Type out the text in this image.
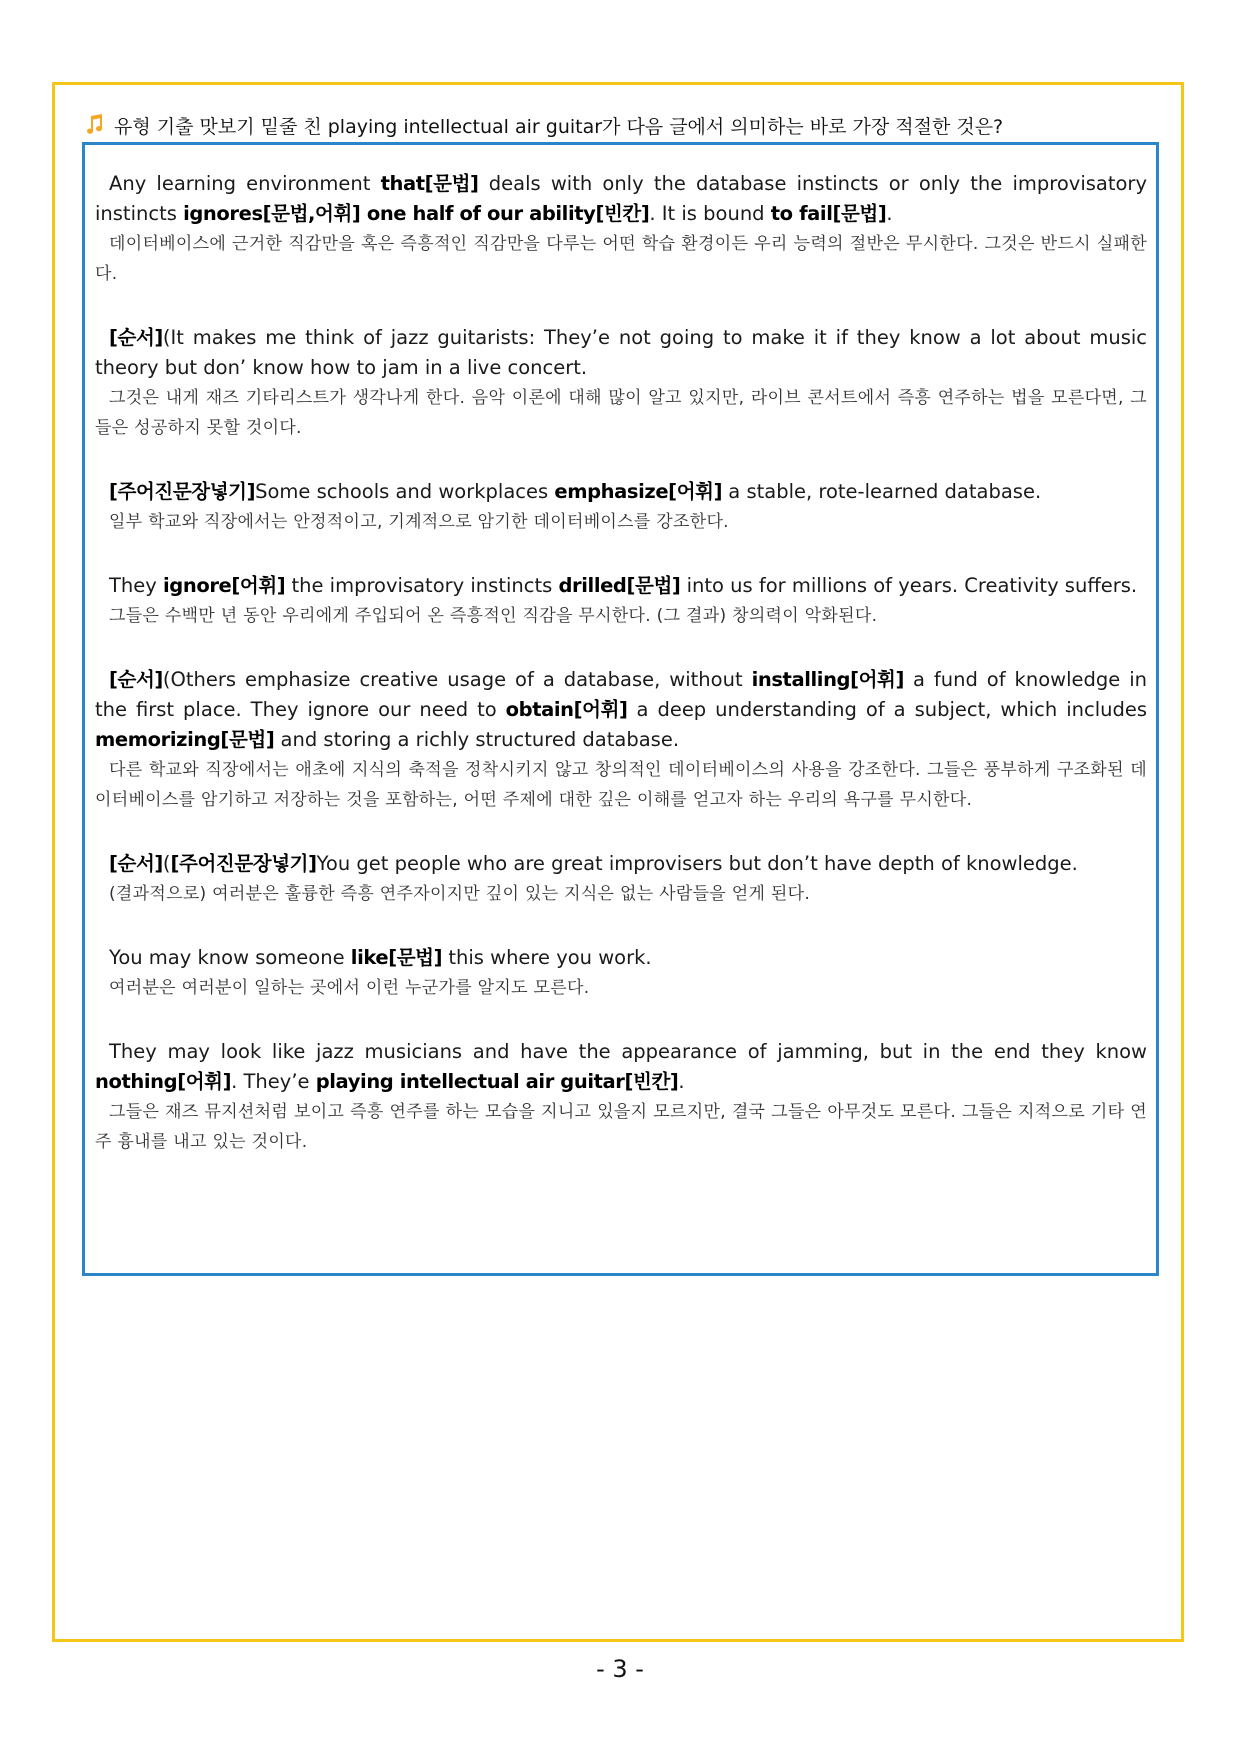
유형 기출 맛보기 밑줄 친 playing intellectual air guitar가 다음 글에서 의미하는 바로 가장 적절한 것은?

Any learning environment that[문법] deals with only the database instincts or only the improvisatory instincts ignores[문법,어휘] one half of our ability[빈칸]. It is bound to fail[문법].

데이터베이스에 근거한 직감만을 혹은 즉흥적인 직감만을 다루는 어떤 학습 환경이든 우리 능력의 절반은 무시한다. 그것은 반드시 실패한다.

[순서](It makes me think of jazz guitarists: They’e not going to make it if they know a lot about music theory but don’ know how to jam in a live concert.

그것은 내게 재즈 기타리스트가 생각나게 한다. 음악 이론에 대해 많이 알고 있지만, 라이브 콘서트에서 즉흥 연주하는 법을 모른다면, 그들은 성공하지 못할 것이다.

[주어진문장넣기]Some schools and workplaces emphasize[어휘] a stable, rote-learned database.

일부 학교와 직장에서는 안정적이고, 기계적으로 암기한 데이터베이스를 강조한다.

They ignore[어휘] the improvisatory instincts drilled[문법] into us for millions of years. Creativity suffers.

그들은 수백만 년 동안 우리에게 주입되어 온 즉흥적인 직감을 무시한다. (그 결과) 창의력이 악화된다.

[순서](Others emphasize creative usage of a database, without installing[어휘] a fund of knowledge in the first place. They ignore our need to obtain[어휘] a deep understanding of a subject, which includes memorizing[문법] and storing a richly structured database.

다른 학교와 직장에서는 애초에 지식의 축적을 정착시키지 않고 창의적인 데이터베이스의 사용을 강조한다. 그들은 풍부하게 구조화된 데이터베이스를 암기하고 저장하는 것을 포함하는, 어떤 주제에 대한 깊은 이해를 얻고자 하는 우리의 욕구를 무시한다.

[순서]([주어진문장넣기]You get people who are great improvisers but don’t have depth of knowledge.

(결과적으로) 여러분은 훌륭한 즉흥 연주자이지만 깊이 있는 지식은 없는 사람들을 얻게 된다.

You may know someone like[문법] this where you work.

여러분은 여러분이 일하는 곳에서 이런 누군가를 알지도 모른다.

They may look like jazz musicians and have the appearance of jamming, but in the end they know nothing[어휘]. They’e playing intellectual air guitar[빈칸].

그들은 재즈 뮤지션처럼 보이고 즉흥 연주를 하는 모습을 지니고 있을지 모르지만, 결국 그들은 아무것도 모른다. 그들은 지적으로 기타 연주 흉내를 내고 있는 것이다.

- 3 -
